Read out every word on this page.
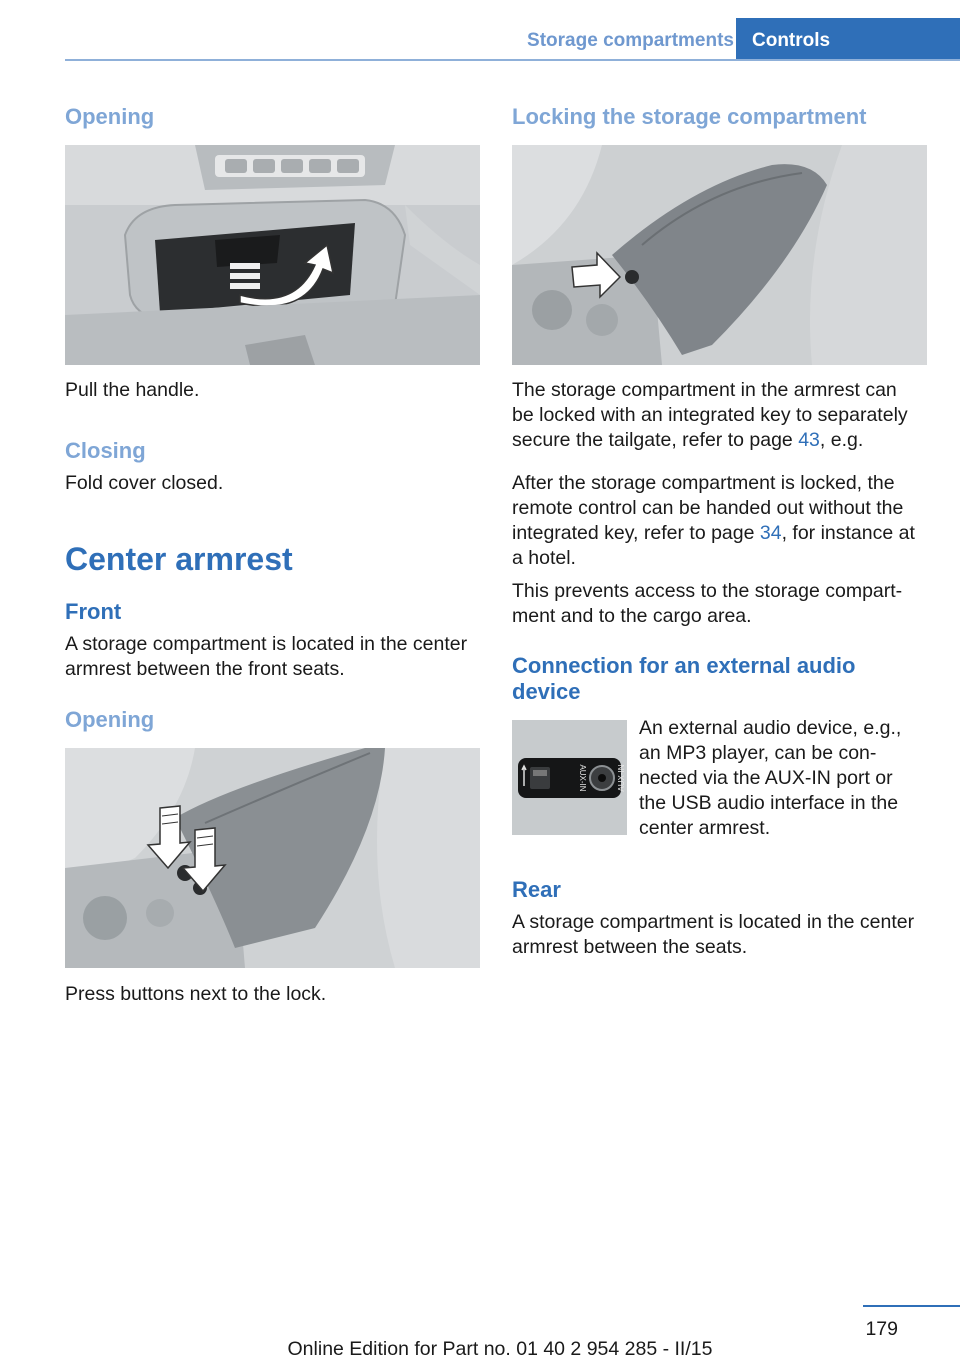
Storage compartments Controls
Opening
Pull the handle.
Closing
Fold cover closed.
Center armrest
Front
A storage compartment is located in the center
armrest between the front seats.
Opening
Press buttons next to the lock.
Locking the storage compartment
The storage compartment in the armrest can
be locked with an integrated key to separately
secure the tailgate, refer to page 43, e.g.
After the storage compartment is locked, the
remote control can be handed out without the
integrated key, refer to page 34, for instance at
a hotel.
This prevents access to the storage compart‐
ment and to the cargo area.
Connection for an external audio
device
AUX-IN	AUX-IN
An external audio device, e.g.,
an MP3 player, can be con‐
nected via the AUX-IN port or
the USB audio interface in the
center armrest.
Rear
A storage compartment is located in the center
armrest between the seats.
179
Online Edition for Part no. 01 40 2 954 285 - II/15
